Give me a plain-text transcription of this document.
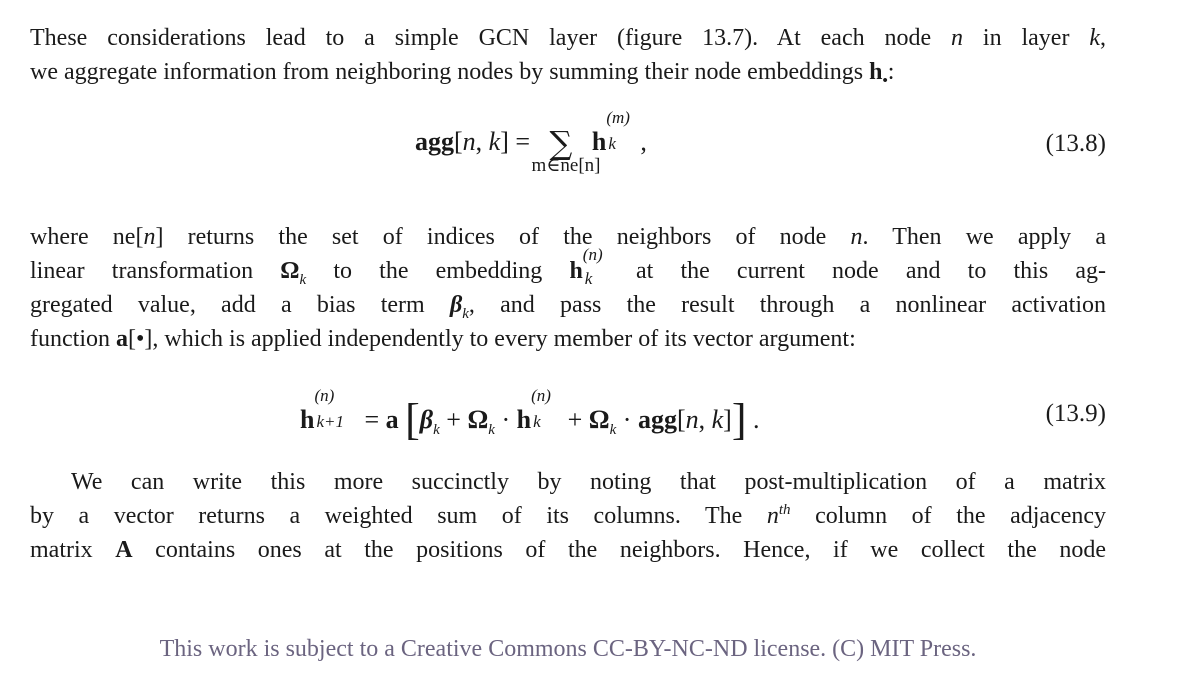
These considerations lead to a simple GCN layer (figure 13.7). At each node n in layer k,
we aggregate information from neighboring nodes by summing their node embeddings $h_•$:
agg[n, k] =   ∑
m∈ne[n]
h
(m)
k ,	(13.8)
where ne[n] returns the set of indices of the neighbors of node n. Then we apply a
linear transformation $\Omega_k$ to the embedding h
(n)
k at the current node and to this ag-
gregated value, add a bias term $\beta_k$, and pass the result through a nonlinear activation
function a[•], which is applied independently to every member of its vector argument:
h
(n)
k+1 = a [$\beta_k + \Omega_k \cdot h$
(n)
$k + \Omega_k \cdot agg[n$, k]] .	(13.9)
We can write this more succinctly by noting that post-multiplication of a matrix
by a vector returns a weighted sum of its columns. The $n^{th}$ column of the adjacency
matrix A contains ones at the positions of the neighbors. Hence, if we collect the node
This work is subject to a Creative Commons CC-BY-NC-ND license. (C) MIT Press.
